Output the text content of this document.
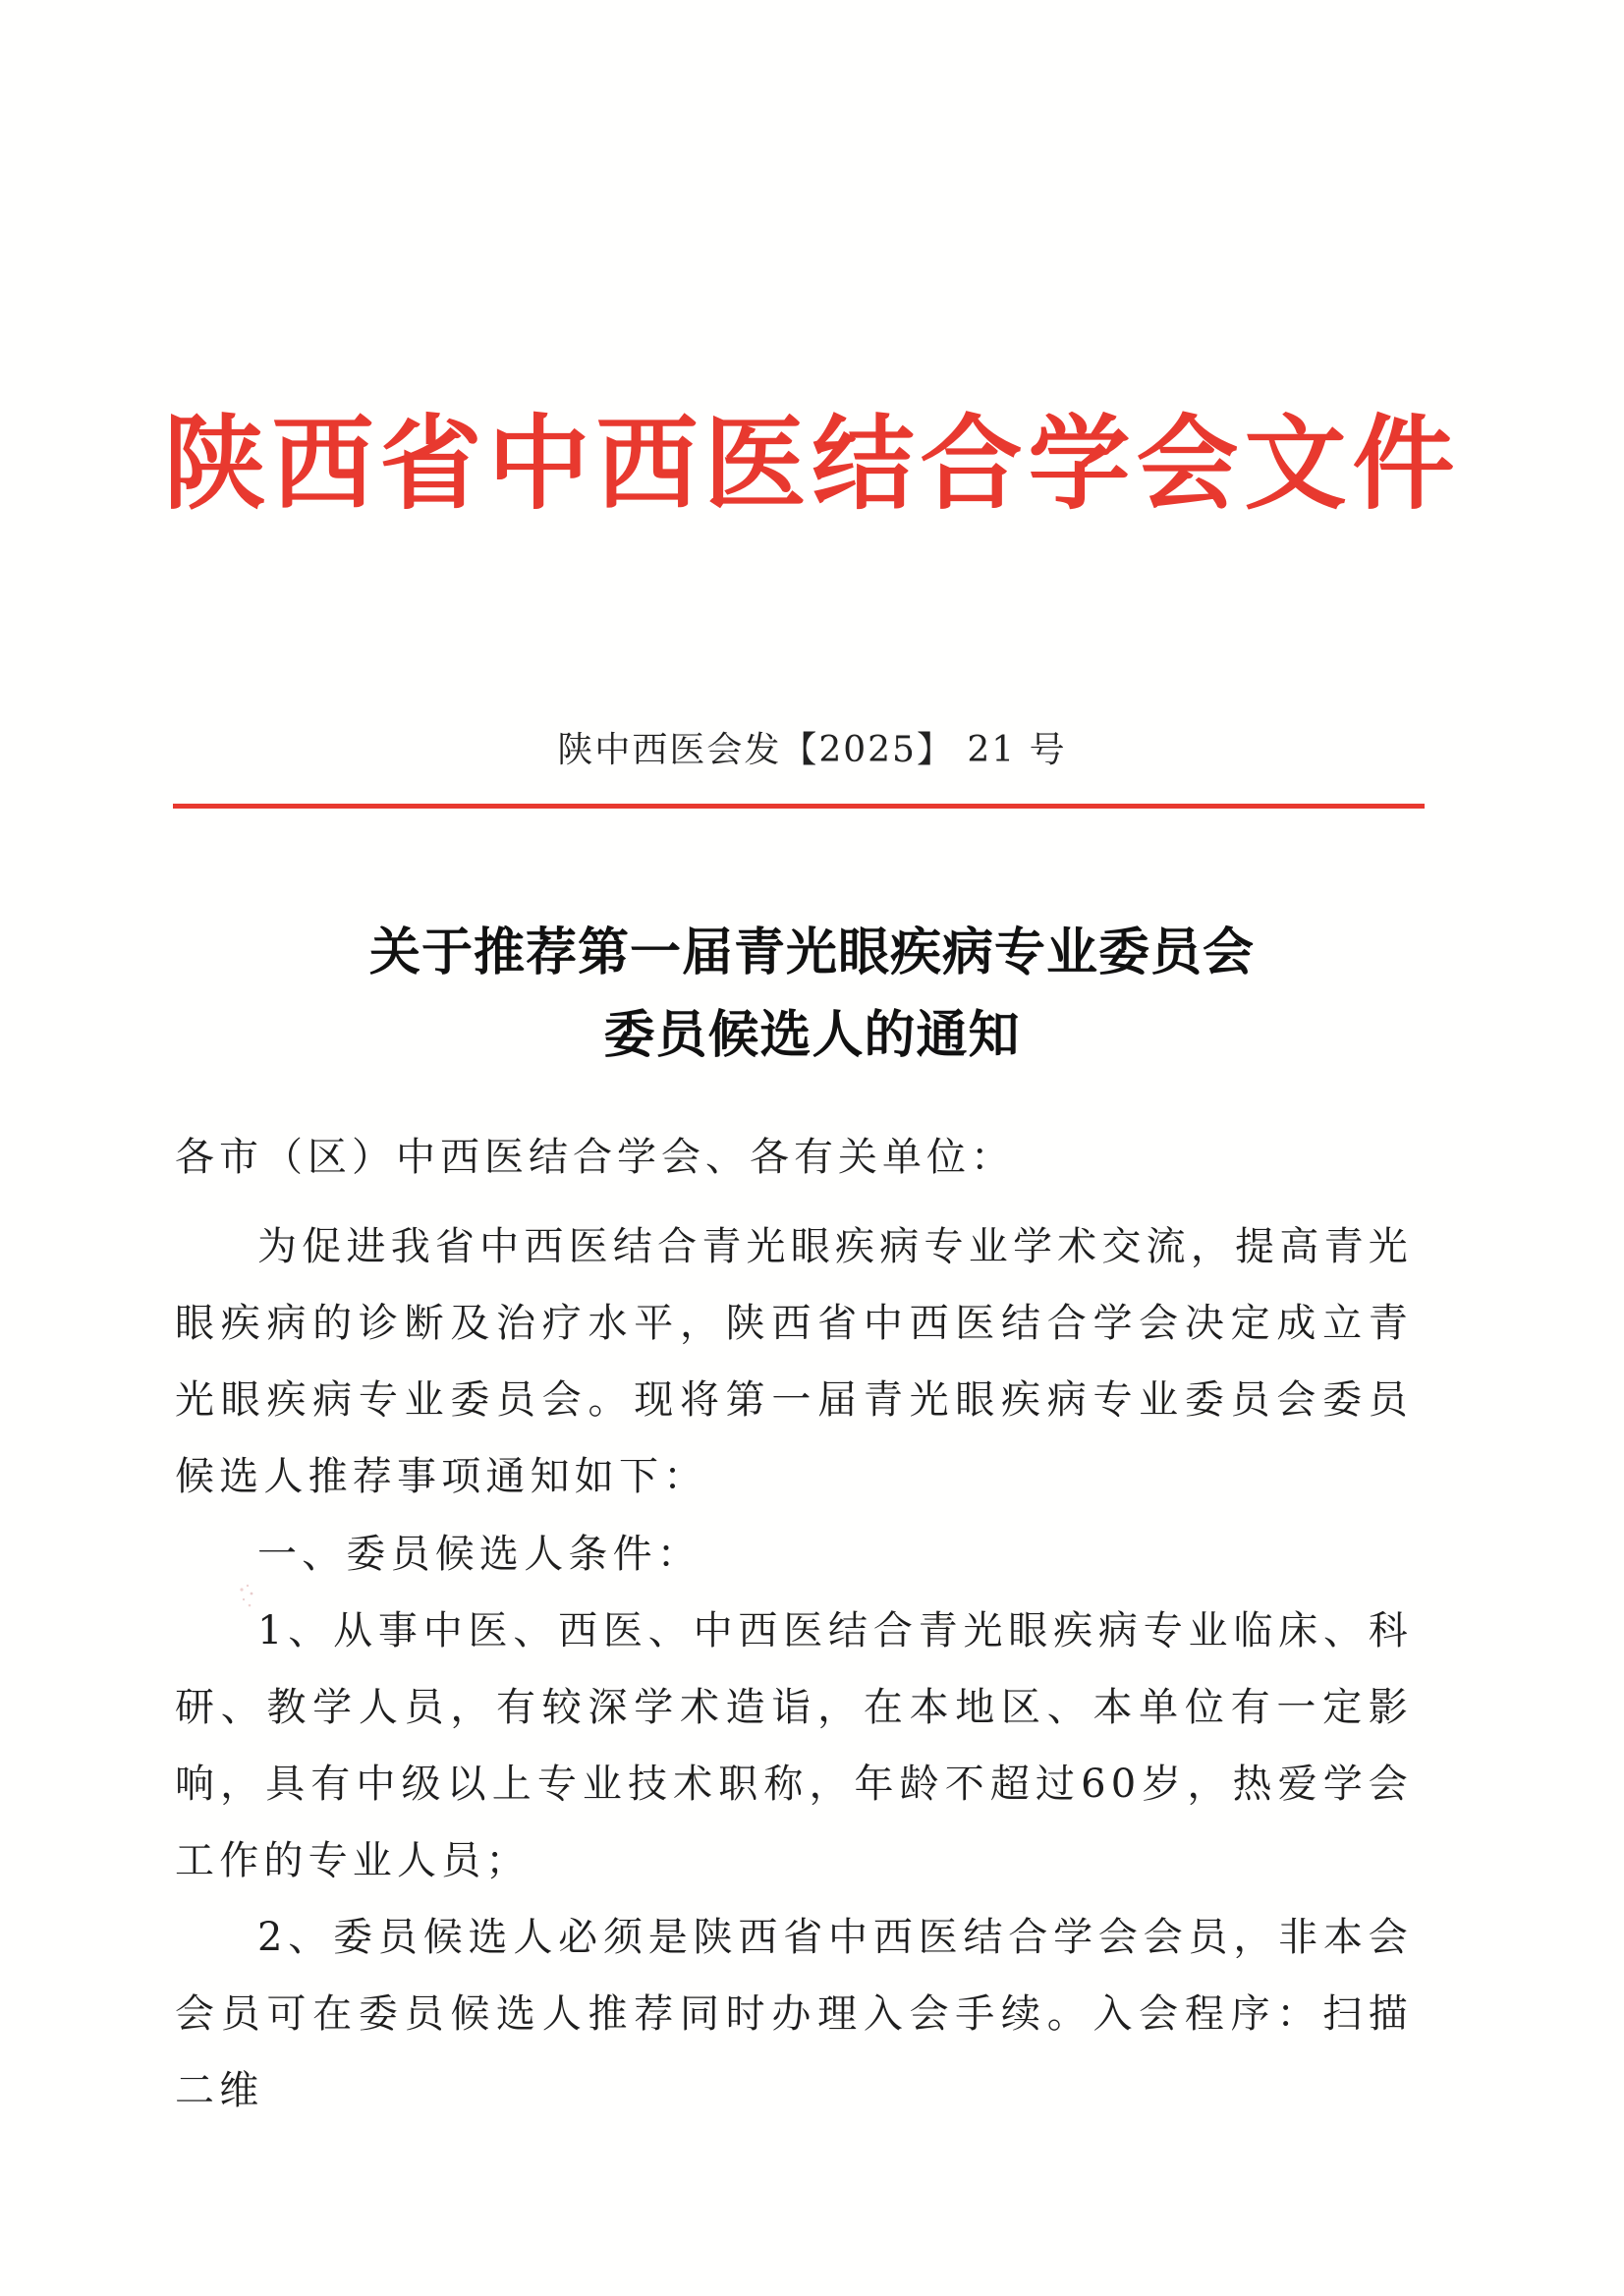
陕西省中西医结合学会文件
陕中西医会发【2025】 21 号
关于推荐第一届青光眼疾病专业委员会
委员候选人的通知
各市（区）中西医结合学会、各有关单位：
为促进我省中西医结合青光眼疾病专业学术交流，提高青光眼疾病的诊断及治疗水平，陕西省中西医结合学会决定成立青光眼疾病专业委员会。现将第一届青光眼疾病专业委员会委员候选人推荐事项通知如下：
一、委员候选人条件：
1、从事中医、西医、中西医结合青光眼疾病专业临床、科研、教学人员，有较深学术造诣，在本地区、本单位有一定影响，具有中级以上专业技术职称，年龄不超过60岁，热爱学会工作的专业人员；
2、委员候选人必须是陕西省中西医结合学会会员，非本会会员可在委员候选人推荐同时办理入会手续。入会程序：扫描二维
